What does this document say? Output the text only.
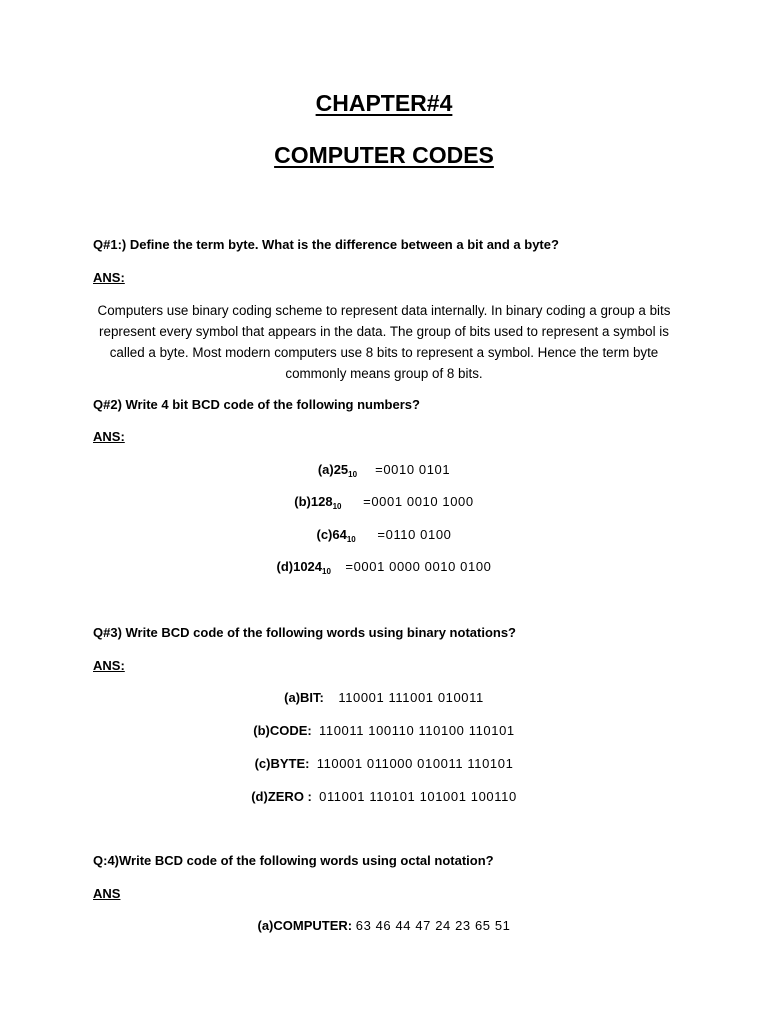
CHAPTER#4
COMPUTER CODES
Q#1:) Define the term byte. What is the difference between a bit and a byte?
ANS:
Computers use binary coding scheme to represent data internally. In binary coding a group a bits represent every symbol that appears in the data. The group of bits used to represent a symbol is called a byte. Most modern computers use 8 bits to represent a symbol. Hence the term byte commonly means group of 8 bits.
Q#2) Write 4 bit BCD code of the following numbers?
ANS:
$(a)25_{10} =0010$ 0101
$(b)128_{10} =0001$ 0010 1000
$(c)64_{10} =0110$ 0100
$(d)1024_{10} =0001$ 0000 0010 0100
Q#3) Write BCD code of the following words using binary notations?
ANS:
(a)BIT: 110001 111001 010011
(b)CODE: 110011 100110 110100 110101
(c)BYTE: 110001 011000 010011 110101
(d)ZERO : 011001 110101 101001 100110
Q:4)Write BCD code of the following words using octal notation?
ANS
(a)COMPUTER: 63 46 44 47 24 23 65 51
